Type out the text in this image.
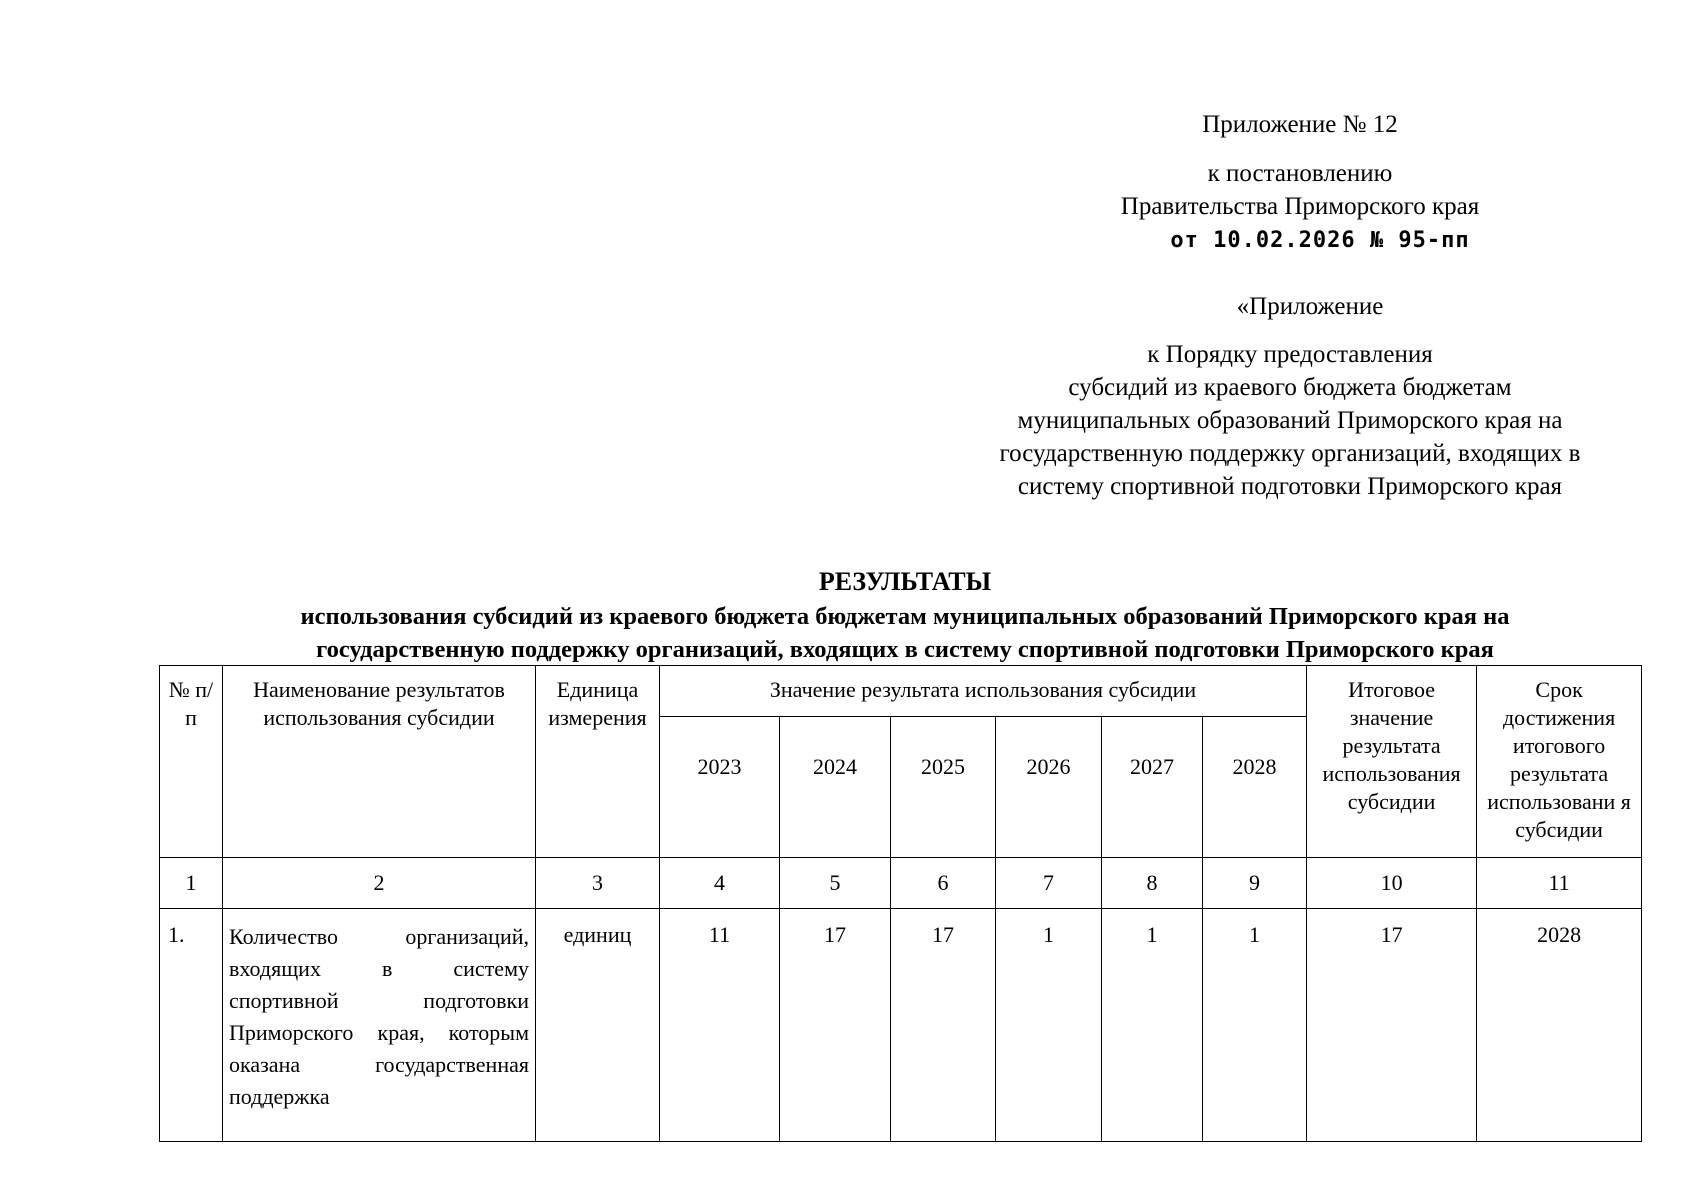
Приложение № 12
к постановлению
Правительства Приморского края
от 10.02.2026 № 95-пп
«Приложение
к Порядку предоставления
субсидий из краевого бюджета бюджетам
муниципальных образований Приморского края на
государственную поддержку организаций, входящих в
систему спортивной подготовки Приморского края
РЕЗУЛЬТАТЫ
использования субсидий из краевого бюджета бюджетам муниципальных образований Приморского края на
государственную поддержку организаций, входящих в систему спортивной подготовки Приморского края
№ п/п	Наименование результатов использования субсидии	Единица измерения	Значение результата использования субсидии						Итоговое значение результата использования субсидии	Срок достижения итогового результата использовани я субсидии
			2023	2024	2025	2026	2027	2028		
1	2	3	4	5	6	7	8	9	10	11
1.	Количество организаций, входящих в систему спортивной подготовки Приморского края, которым оказана государственная поддержка	единиц	11	17	17	1	1	1	17	2028
